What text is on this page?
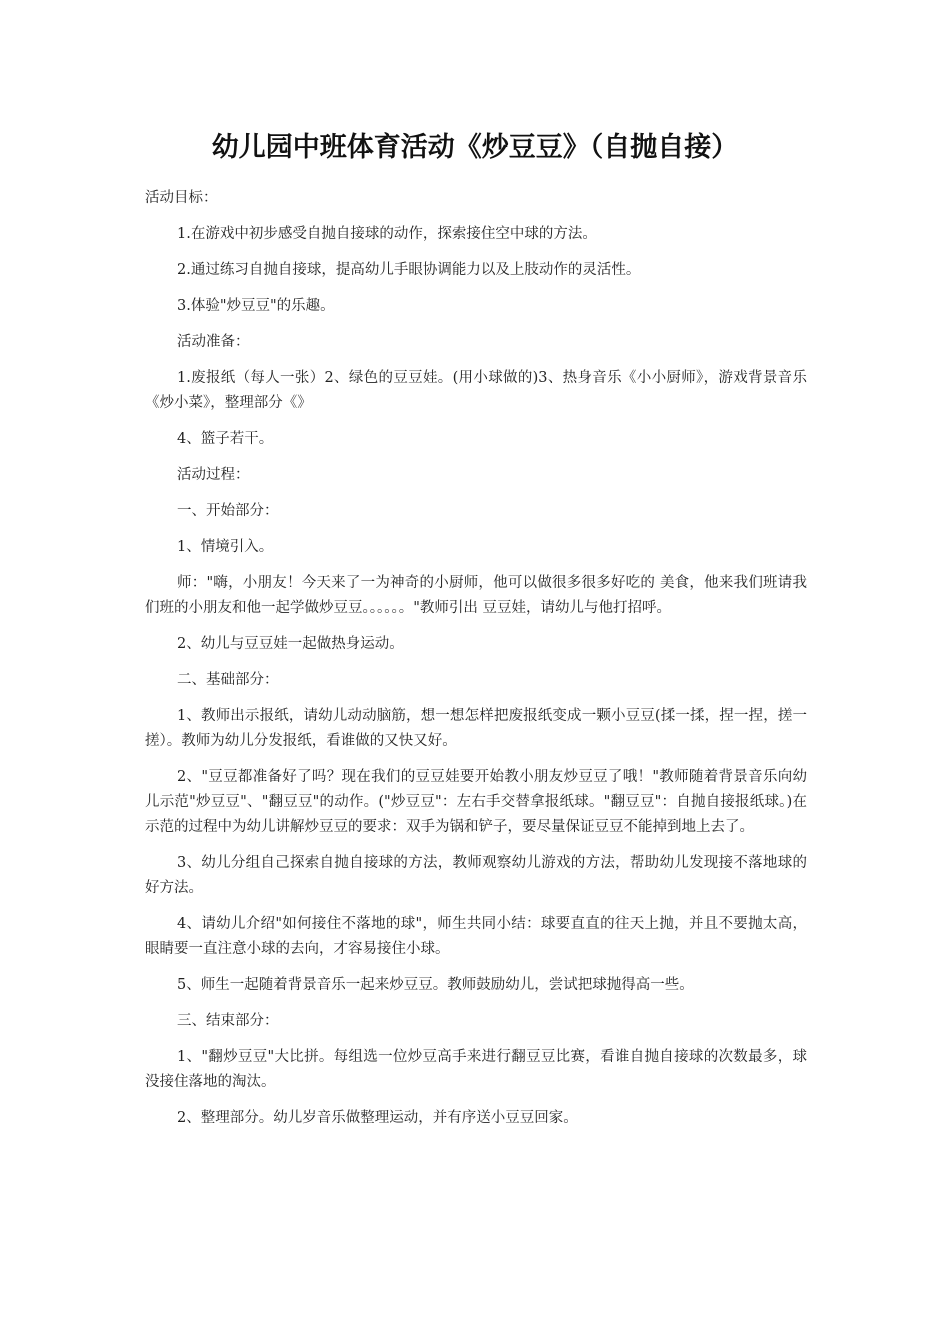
幼儿园中班体育活动《炒豆豆》（自抛自接）

活动目标：

1.在游戏中初步感受自抛自接球的动作，探索接住空中球的方法。

2.通过练习自抛自接球，提高幼儿手眼协调能力以及上肢动作的灵活性。

3.体验"炒豆豆"的乐趣。

活动准备：

1.废报纸（每人一张）2、绿色的豆豆娃。(用小球做的)3、热身音乐《小小厨师》，游戏背景音乐《炒小菜》，整理部分《》

4、篮子若干。

活动过程：

一、开始部分：

1、情境引入。

师："嗨，小朋友！今天来了一为神奇的小厨师，他可以做很多很多好吃的 美食，他来我们班请我们班的小朋友和他一起学做炒豆豆。。。。。。"教师引出 豆豆娃，请幼儿与他打招呼。

2、幼儿与豆豆娃一起做热身运动。

二、基础部分：

1、教师出示报纸，请幼儿动动脑筋，想一想怎样把废报纸变成一颗小豆豆(揉一揉，捏一捏，搓一搓）。教师为幼儿分发报纸，看谁做的又快又好。

2、"豆豆都准备好了吗？现在我们的豆豆娃要开始教小朋友炒豆豆了哦！"教师随着背景音乐向幼儿示范"炒豆豆"、"翻豆豆"的动作。("炒豆豆"：左右手交替拿报纸球。"翻豆豆"：自抛自接报纸球。)在示范的过程中为幼儿讲解炒豆豆的要求：双手为锅和铲子，要尽量保证豆豆不能掉到地上去了。

3、幼儿分组自己探索自抛自接球的方法，教师观察幼儿游戏的方法，帮助幼儿发现接不落地球的好方法。

4、请幼儿介绍"如何接住不落地的球"，师生共同小结：球要直直的往天上抛，并且不要抛太高，眼睛要一直注意小球的去向，才容易接住小球。

5、师生一起随着背景音乐一起来炒豆豆。教师鼓励幼儿，尝试把球抛得高一些。

三、结束部分：

1、"翻炒豆豆"大比拼。每组选一位炒豆高手来进行翻豆豆比赛，看谁自抛自接球的次数最多，球没接住落地的淘汰。

2、整理部分。幼儿岁音乐做整理运动，并有序送小豆豆回家。
